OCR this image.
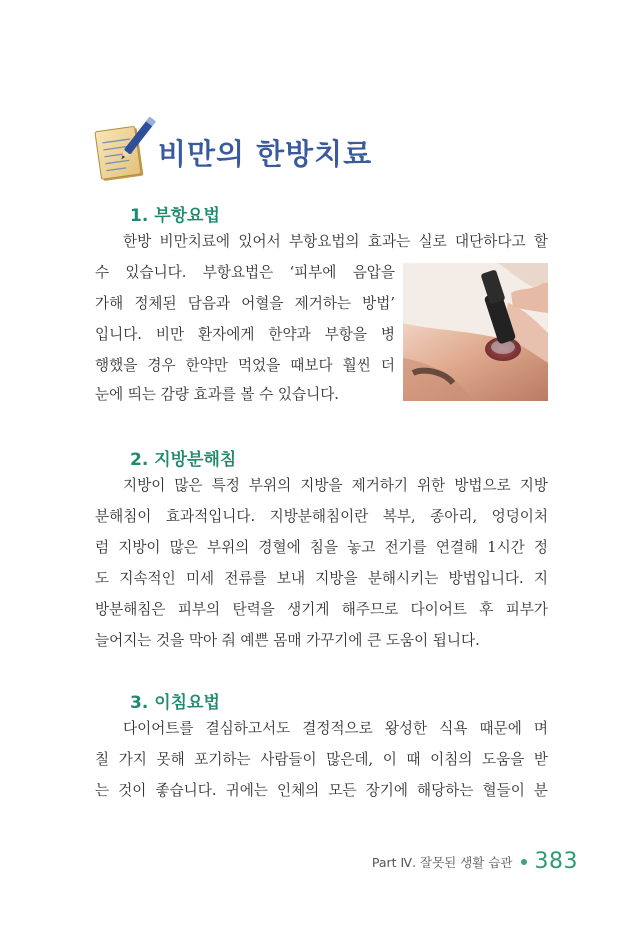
비만의 한방치료
1. 부항요법
한방 비만치료에 있어서 부항요법의 효과는 실로 대단하다고 할
수 있습니다. 부항요법은 ‘피부에 음압을
가해 정체된 담음과 어혈을 제거하는 방법’
입니다. 비만 환자에게 한약과 부항을 병
행했을 경우 한약만 먹었을 때보다 훨씬 더
눈에 띄는 감량 효과를 볼 수 있습니다.
2. 지방분해침
지방이 많은 특정 부위의 지방을 제거하기 위한 방법으로 지방
분해침이 효과적입니다. 지방분해침이란 복부, 종아리, 엉덩이처
럼 지방이 많은 부위의 경혈에 침을 놓고 전기를 연결해 1시간 정
도 지속적인 미세 전류를 보내 지방을 분해시키는 방법입니다. 지
방분해침은 피부의 탄력을 생기게 해주므로 다이어트 후 피부가
늘어지는 것을 막아 줘 예쁜 몸매 가꾸기에 큰 도움이 됩니다.
3. 이침요법
다이어트를 결심하고서도 결정적으로 왕성한 식욕 때문에 며
칠 가지 못해 포기하는 사람들이 많은데, 이 때 이침의 도움을 받
는 것이 좋습니다. 귀에는 인체의 모든 장기에 해당하는 혈들이 분
Part Ⅳ. 잘못된 생활 습관 383
